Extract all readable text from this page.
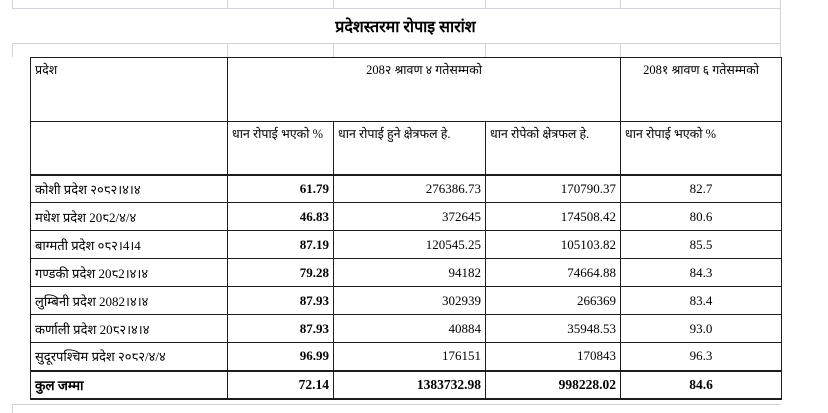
प्रदेशस्तरमा रोपाइ सारांश
प्रदेश	208२ श्रावण ४ गतेसम्मको			208१ श्रावण ६ गतेसम्मको
	धान रोपाई भएको %	धान रोपाई हुने क्षेत्रफल हे.	धान रोपेको क्षेत्रफल हे.	धान रोपाई भएको %
कोशी प्रदेश २०८२।४।४	61.79	276386.73	170790.37	82.7
मधेश प्रदेश 20८2/४/४	46.83	372645	174508.42	80.6
बाग्मती प्रदेश ०८२।4।4	87.19	120545.25	105103.82	85.5
गण्डकी प्रदेश 20८2।४।४	79.28	94182	74664.88	84.3
लुम्बिनी प्रदेश 2082।४।४	87.93	302939	266369	83.4
कर्णाली प्रदेश 20८२।४।४	87.93	40884	35948.53	93.0
सुदूरपश्चिम प्रदेश २०८२/४/४	96.99	176151	170843	96.3
कुल जम्मा	72.14	1383732.98	998228.02	84.6
